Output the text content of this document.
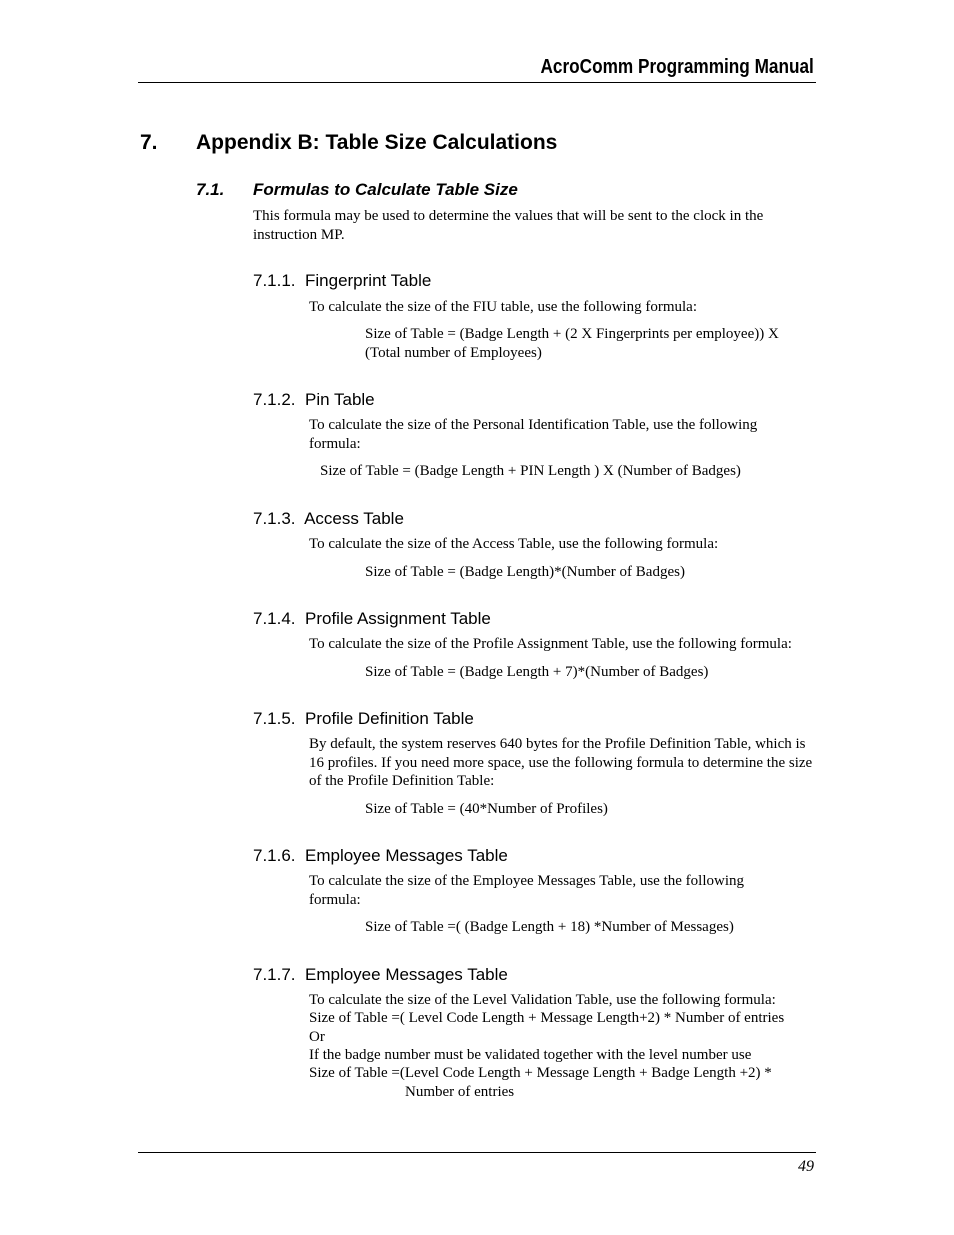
AcroComm Programming Manual
7. Appendix B: Table Size Calculations
7.1. Formulas to Calculate Table Size
This formula may be used to determine the values that will be sent to the clock in the instruction MP.
7.1.1. Fingerprint Table
To calculate the size of the FIU table, use the following formula:
Size of Table = (Badge Length + (2 X Fingerprints per employee)) X (Total number of Employees)
7.1.2. Pin Table
To calculate the size of the Personal Identification Table, use the following formula:
Size of Table = (Badge Length + PIN Length ) X (Number of Badges)
7.1.3. Access Table
To calculate the size of the Access Table, use the following formula:
Size of Table = (Badge Length)*(Number of Badges)
7.1.4. Profile Assignment Table
To calculate the size of the Profile Assignment Table, use the following formula:
Size of Table = (Badge Length + 7)*(Number of Badges)
7.1.5. Profile Definition Table
By default, the system reserves 640 bytes for the Profile Definition Table, which is 16 profiles. If you need more space, use the following formula to determine the size of the Profile Definition Table:
Size of Table = (40*Number of Profiles)
7.1.6. Employee Messages Table
To calculate the size of the Employee Messages Table, use the following formula:
Size of Table =( (Badge Length + 18) *Number of Messages)
7.1.7. Employee Messages Table
To calculate the size of the Level Validation Table, use the following formula:
Size of Table =( Level Code Length + Message Length+2) * Number of entries
Or
If the badge number must be validated together with the level number use
Size of Table =(Level Code Length + Message Length + Badge Length +2) *
Number of entries
49
